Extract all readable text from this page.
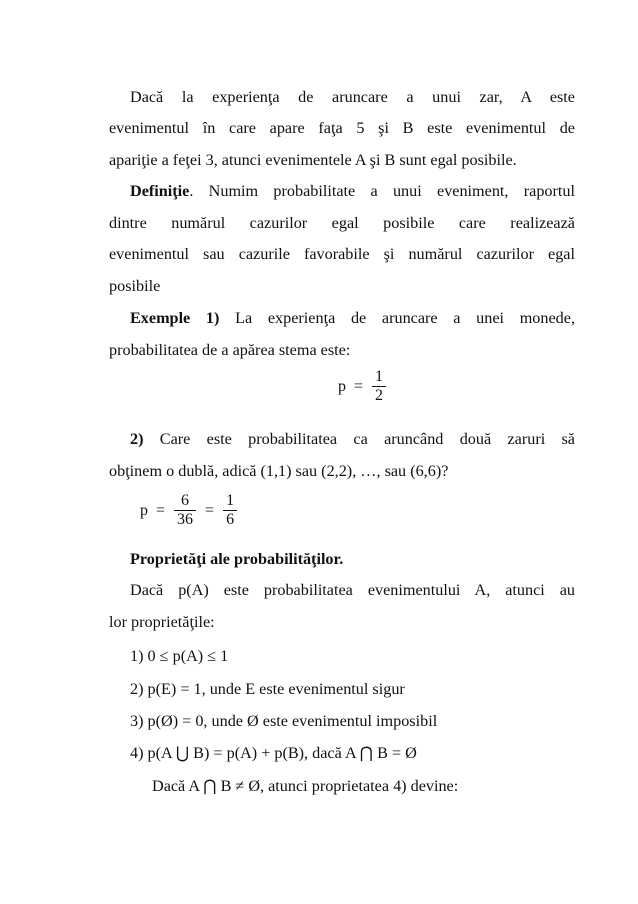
Dacă la experienţa de aruncare a unui zar, A este
evenimentul în care apare faţa 5 şi B este evenimentul de
apariţie a feţei 3, atunci evenimentele A şi B sunt egal posibile.
Definiţie. Numim probabilitate a unui eveniment, raportul
dintre numărul cazurilor egal posibile care realizează
evenimentul sau cazurile favorabile şi numărul cazurilor egal
posibile
Exemple 1) La experienţa de aruncare a unei monede,
probabilitatea de a apărea stema este:
$p = \frac{1}{2}$
2) Care este probabilitatea ca aruncând două zaruri să
obţinem o dublă, adică (1,1) sau (2,2), …, sau (6,6)?
$p = \frac{6}{36} = \frac{1}{6}$
Proprietăţi ale probabilităţilor.
Dacă p(A) este probabilitatea evenimentului A, atunci au
lor proprietăţile:
1) 0 ≤ p(A) ≤ 1
2) p(E) = 1, unde E este evenimentul sigur
3) p(Ø) = 0, unde Ø este evenimentul imposibil
4) p(A ⋃ B) = p(A) + p(B), dacă A ⋂ B = Ø
Dacă A ⋂ B ≠ Ø, atunci proprietatea 4) devine:
